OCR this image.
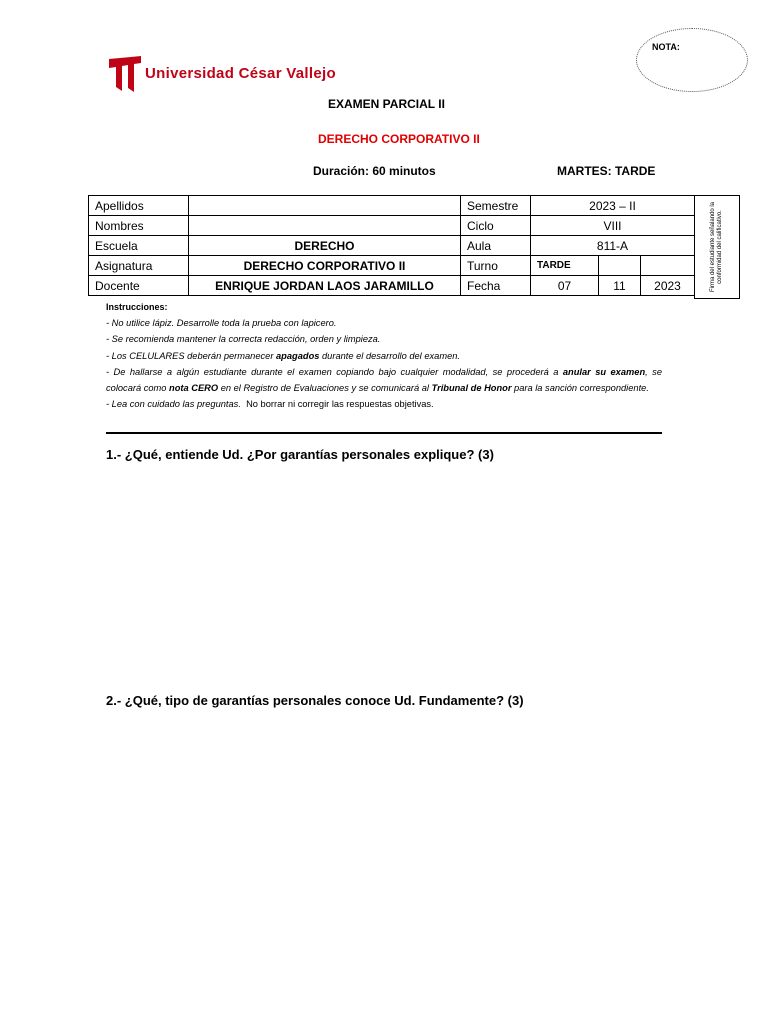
NOTA:
Universidad César Vallejo
EXAMEN PARCIAL II
DERECHO CORPORATIVO II
Duración: 60 minutos	MARTES: TARDE
Apellidos		Semestre	2023 – II		
Nombres		Ciclo	VIII		
Escuela	DERECHO	Aula	811-A		
Asignatura	DERECHO CORPORATIVO II	Turno	TARDE		
Docente	ENRIQUE JORDAN LAOS JARAMILLO	Fecha	07	11	2023	Firma del estudiante señalando la conformidad del calificativo.
Instrucciones:
- No utilice lápiz. Desarrolle toda la prueba con lapicero.
- Se recomienda mantener la correcta redacción, orden y limpieza.
- Los CELULARES deberán permanecer apagados durante el desarrollo del examen.
- De hallarse a algún estudiante durante el examen copiando bajo cualquier modalidad, se procederá a anular su examen, se colocará como nota CERO en el Registro de Evaluaciones y se comunicará al Tribunal de Honor para la sanción correspondiente.
- Lea con cuidado las preguntas.  No borrar ni corregir las respuestas objetivas.
1.- ¿Qué, entiende Ud. ¿Por garantías personales explique? (3)
2.- ¿Qué, tipo de garantías personales conoce Ud. Fundamente? (3)
